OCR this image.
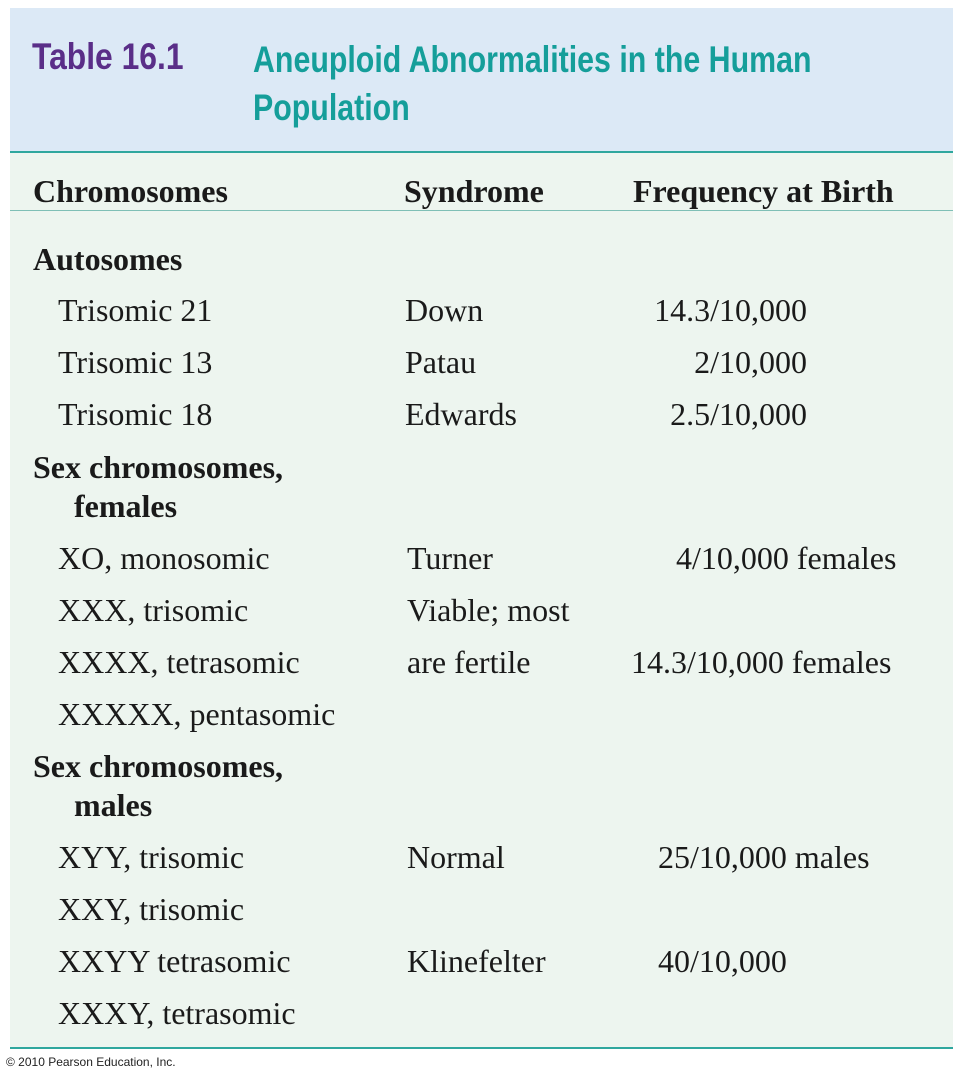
Table 16.1 Aneuploid Abnormalities in the Human
Population
Chromosomes	Syndrome	Frequency at Birth
Autosomes
Trisomic 21	Down	14.3/10,000
Trisomic 13	Patau	2/10,000
Trisomic 18	Edwards	2.5/10,000
Sex chromosomes,
females
XO, monosomic	Turner	4/10,000 females
XXX, trisomic	Viable; most
XXXX, tetrasomic	are fertile	14.3/10,000 females
XXXXX, pentasomic
Sex chromosomes,
males
XYY, trisomic	Normal	25/10,000 males
XXY, trisomic
XXYY tetrasomic	Klinefelter	40/10,000
XXXY, tetrasomic
© 2010 Pearson Education, Inc.
